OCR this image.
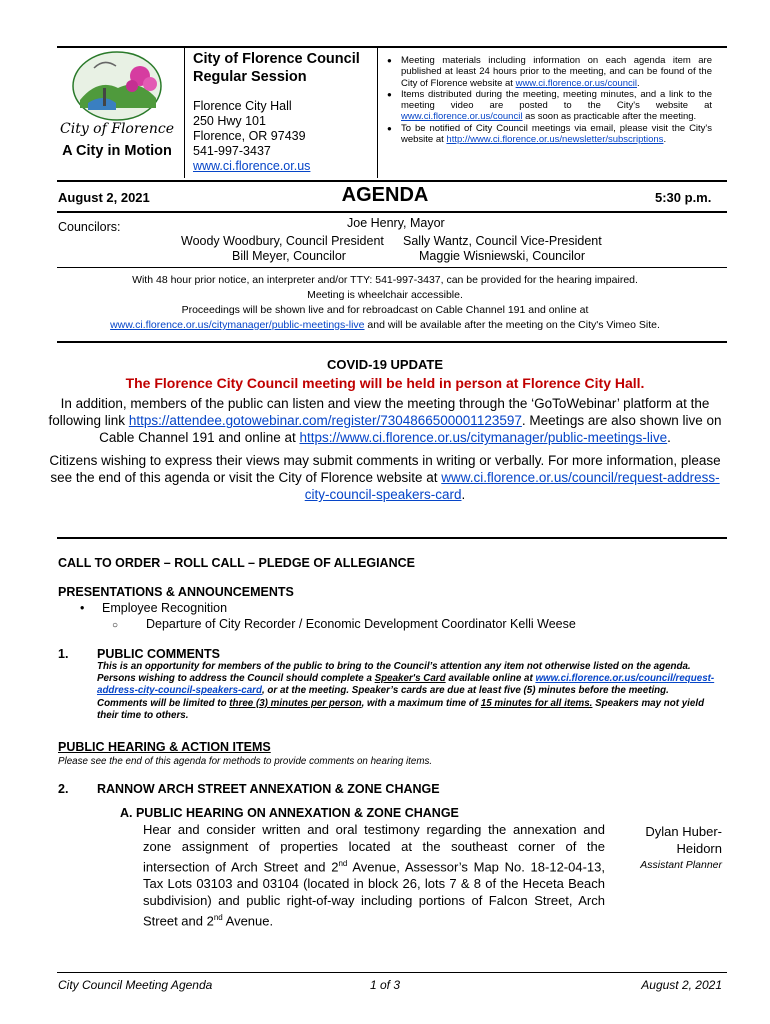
City of Florence
A City in Motion
City of Florence Council
Regular Session
Florence City Hall
250 Hwy 101
Florence, OR 97439
541-997-3437
www.ci.florence.or.us
● Meeting materials including information on each agenda item are published at least 24 hours prior to the meeting, and can be found of the City of Florence website at www.ci.florence.or.us/council.
● Items distributed during the meeting, meeting minutes, and a link to the meeting video are posted to the City's website at www.ci.florence.or.us/council as soon as practicable after the meeting.
● To be notified of City Council meetings via email, please visit the City's website at http://www.ci.florence.or.us/newsletter/subscriptions.
August 2, 2021	AGENDA	5:30 p.m.
Councilors:	Joe Henry, Mayor
Woody Woodbury, Council President Sally Wantz, Council Vice-President
Bill Meyer, Councilor	Maggie Wisniewski, Councilor
With 48 hour prior notice, an interpreter and/or TTY: 541-997-3437, can be provided for the hearing impaired.
Meeting is wheelchair accessible.
Proceedings will be shown live and for rebroadcast on Cable Channel 191 and online at
www.ci.florence.or.us/citymanager/public-meetings-live and will be available after the meeting on the City's Vimeo Site.
COVID-19 UPDATE
The Florence City Council meeting will be held in person at Florence City Hall.
In addition, members of the public can listen and view the meeting through the ‘GoToWebinar’ platform at the following link https://attendee.gotowebinar.com/register/7304866500001123597. Meetings are also shown live on Cable Channel 191 and online at https://www.ci.florence.or.us/citymanager/public-meetings-live.
Citizens wishing to express their views may submit comments in writing or verbally. For more information, please see the end of this agenda or visit the City of Florence website at www.ci.florence.or.us/council/request-address-city-council-speakers-card.
CALL TO ORDER – ROLL CALL – PLEDGE OF ALLEGIANCE
PRESENTATIONS & ANNOUNCEMENTS
• Employee Recognition
○ Departure of City Recorder / Economic Development Coordinator Kelli Weese
1. PUBLIC COMMENTS
This is an opportunity for members of the public to bring to the Council’s attention any item not otherwise listed on the agenda. Persons wishing to address the Council should complete a Speaker's Card available online at www.ci.florence.or.us/council/request-address-city-council-speakers-card, or at the meeting. Speaker’s cards are due at least five (5) minutes before the meeting. Comments will be limited to three (3) minutes per person, with a maximum time of 15 minutes for all items. Speakers may not yield their time to others.
PUBLIC HEARING & ACTION ITEMS
Please see the end of this agenda for methods to provide comments on hearing items.
2. RANNOW ARCH STREET ANNEXATION & ZONE CHANGE
A. PUBLIC HEARING ON ANNEXATION & ZONE CHANGE
Hear and consider written and oral testimony regarding the annexation and zone assignment of properties located at the southeast corner of the intersection of Arch Street and 2nd Avenue, Assessor’s Map No. 18-12-04-13, Tax Lots 03103 and 03104 (located in block 26, lots 7 & 8 of the Heceta Beach subdivision) and public right-of-way including portions of Falcon Street, Arch Street and 2nd Avenue.
Dylan Huber-
Heidorn
Assistant Planner
City Council Meeting Agenda	1 of 3	August 2, 2021
